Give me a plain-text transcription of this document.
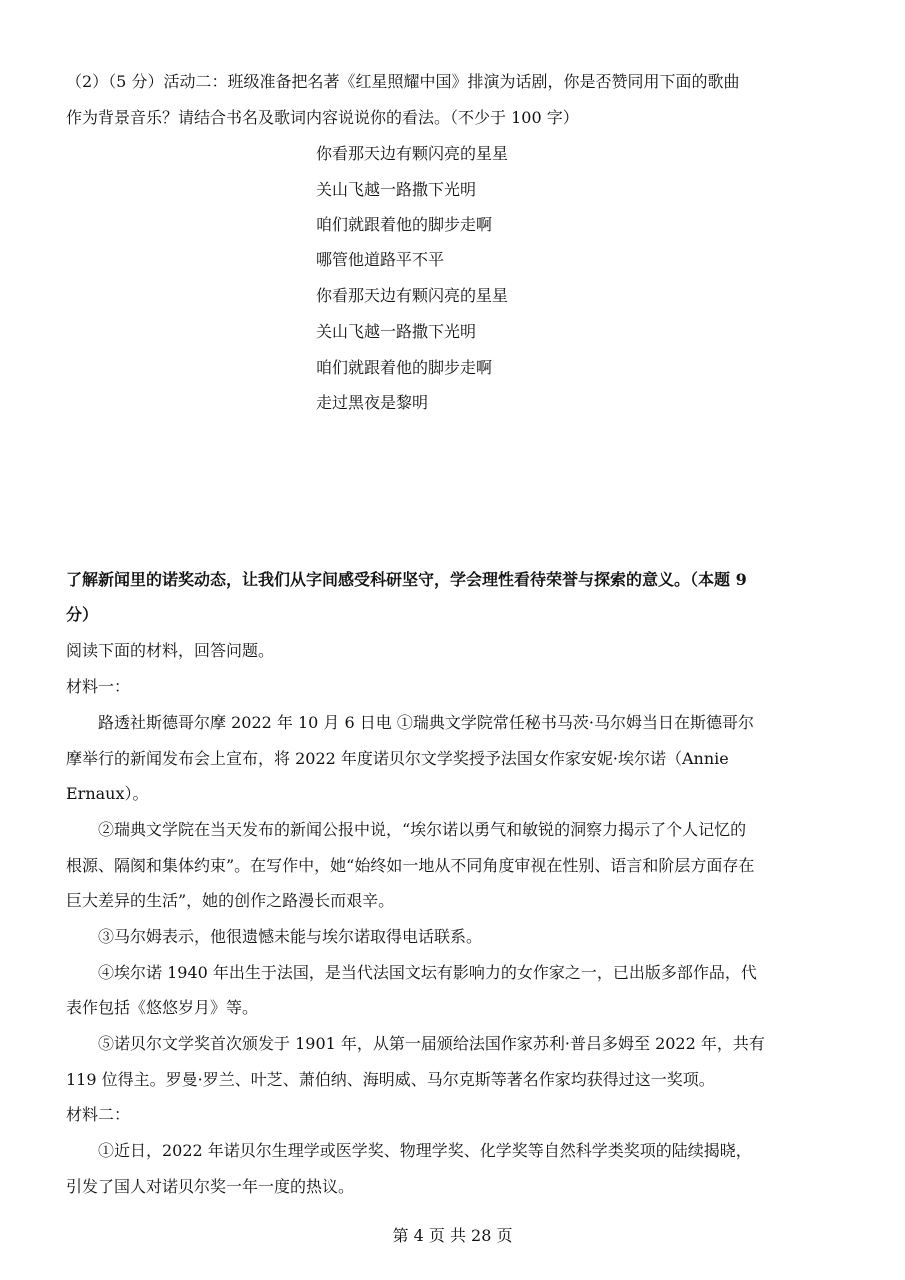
（2）（5 分）活动二：班级准备把名著《红星照耀中国》排演为话剧，你是否赞同用下面的歌曲
作为背景音乐？请结合书名及歌词内容说说你的看法。（不少于 100 字）
你看那天边有颗闪亮的星星
关山飞越一路撒下光明
咱们就跟着他的脚步走啊
哪管他道路平不平
你看那天边有颗闪亮的星星
关山飞越一路撒下光明
咱们就跟着他的脚步走啊
走过黑夜是黎明
了解新闻里的诺奖动态，让我们从字间感受科研坚守，学会理性看待荣誉与探索的意义。（本题 9
分）
阅读下面的材料，回答问题。
材料一：
路透社斯德哥尔摩 2022 年 10 月 6 日电 ①瑞典文学院常任秘书马茨·马尔姆当日在斯德哥尔
摩举行的新闻发布会上宣布，将 2022 年度诺贝尔文学奖授予法国女作家安妮·埃尔诺（Annie
Ernaux）。
②瑞典文学院在当天发布的新闻公报中说，“埃尔诺以勇气和敏锐的洞察力揭示了个人记忆的
根源、隔阂和集体约束”。在写作中，她“始终如一地从不同角度审视在性别、语言和阶层方面存在
巨大差异的生活”，她的创作之路漫长而艰辛。
③马尔姆表示，他很遗憾未能与埃尔诺取得电话联系。
④埃尔诺 1940 年出生于法国，是当代法国文坛有影响力的女作家之一，已出版多部作品，代
表作包括《悠悠岁月》等。
⑤诺贝尔文学奖首次颁发于 1901 年，从第一届颁给法国作家苏利·普吕多姆至 2022 年，共有
119 位得主。罗曼·罗兰、叶芝、萧伯纳、海明威、马尔克斯等著名作家均获得过这一奖项。
材料二：
①近日，2022 年诺贝尔生理学或医学奖、物理学奖、化学奖等自然科学类奖项的陆续揭晓，
引发了国人对诺贝尔奖一年一度的热议。
第 4 页 共 28 页
